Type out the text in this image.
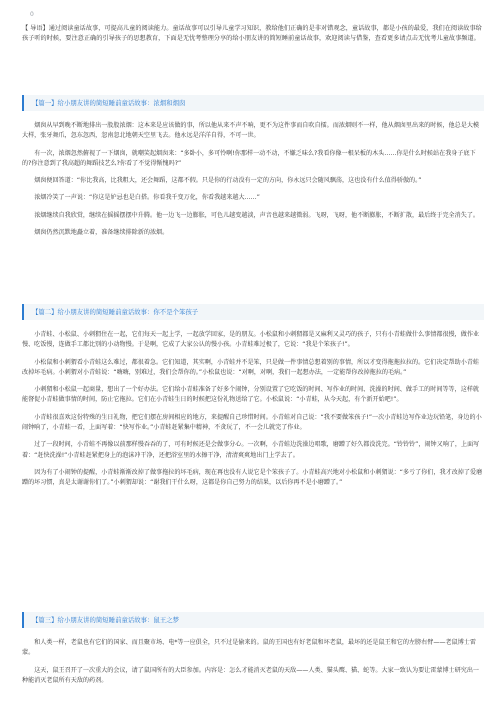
0
【 导语】通过阅读童话故事，可提高儿童的阅读能力。童话故事可以引导儿童学习知识，教给他们正确的是非对错观念，童话故事，都是小孩的最爱，我们在阅读故事给孩子听的时候，要注意正确的引导孩子的思想教育，下面是无忧考整理分享的给小朋友讲的简短睡前童话故事，欢迎阅读与借鉴，查看更多请点击无忧考儿童故事频道。
【篇一】给小朋友讲的简短睡前童话故事：浓烟和烟囱

烟囱从早到晚不断地排出一股股浓烟：这本来是应该做的事，所以他从来不声不响，更不为这件事而自吹自擂。而浓烟则不一样，他从烟囱里出来的时候，他总是大模大样，张牙舞爪，忽东忽西，忽南忽北地朝天空里飞去。他永远是洋洋自得，不可一世。

有一次，浓烟忽然俯视了一下烟囱，就嘲笑起烟囱来：“多卧小，多可怜啊!你那样一动不动，不嫌乏味么?我看你像一根呆板的木头……你是什么时候站在我身子底下的?你注意到了我高超的舞蹈技艺么?你看了不觉得惭愧吗?”

烟囱便回答道：“你比我高，比我粗大，还会舞蹈，这都不假。只是你的行动没有一定的方向，你永远只会随风飘荡，这也没有什么值得骄傲的。”

浓烟冷笑了一声说：“你这是妒忌也是白搭。你看我千变万化，你看我越来越大……”

浓烟继续自我欣赏，继续在摇摇摆摆中升腾。他一边飞一边膨胀，可色儿越变越淡，声音也越来越微弱。飞呀，飞呀，他不断膨胀，不断扩散，最后终于完全消失了。

烟囱仍然沉默地矗立着，准备继续排除新的浓烟。

【篇二】给小朋友讲的简短睡前童话故事：你不是个笨孩子

小青蛙、小松鼠、小刺猬住在一起，它们每天一起上学，一起放学回家，是的朋友。小松鼠和小刺猬都是又麻利又灵巧的孩子，只有小青蛙做什么事情都很慢，做作业慢、吃饭慢，连做手工都比别的小动物慢。于是啊，它成了大家公认的慢小孩。小青蛙难过极了，它说：“我是个笨孩子!”。

小松鼠和小刺猬看小青蛙这么难过，都很着急。它们知道，其实啊，小青蛙并不是笨，只是做一件事情总想着别的事情，所以才变得拖拖拉拉的。它们决定帮助小青蛙改掉坏毛病。小刺猬对小青蛙说：“嗨嗨，别难过，我们会帮你的。”小松鼠也说：“对啊，对啊，我们一起想办法，一定能帮你改掉拖拉的毛病。”

小刺猬和小松鼠一起商量，想出了一个好办法。它们给小青蛙准备了好多个闹钟，分别设置了它吃饭的时间、写作业的时间、洗澡的时间、做手工的时间等等，这样就能督促小青蛙做事情的时间，防止它拖拉。它们在小青蛙生日的时候把这份礼物送给了它。小松鼠说：“小青蛙，从今天起，有个新开始吧!”。

小青蛙很喜欢这份特殊的生日礼物，把它们摆在房间相应的地方，来提醒自己珍惜时间。小青蛙对自己说：“我不要做笨孩子!”一次小青蛙边写作业边玩铅笔，身边的小闹钟响了，小青蛙一看，上面写着：“快写作业。”小青蛙赶紧集中精神，不贪玩了，不一会儿就完了作业。

过了一段时间，小青蛙不再像以前那样慢吞吞的了，可有时候还是会做事分心。一次啊，小青蛙边洗澡边唱歌，磨蹭了好久都没洗完。“铃铃铃”，闹钟又响了，上面写着：“赶快洗澡!”小青蛙赶紧把身上的泡沫冲干净，还把浴室里的水擦干净，清清爽爽地出门上学去了。

因为有了小闹钟的提醒，小青蛙渐渐改掉了做事拖拉的坏毛病，现在再也没有人说它是个笨孩子了。小青蛙高兴地对小松鼠和小刺猬说：“多亏了你们，我才改掉了爱磨蹭的坏习惯，真是太谢谢你们了。”小刺猬却说：“谢我们干什么呀，这都是你自己努力的结果，以后你再不是小磨蹭了。”

【篇三】给小朋友讲的简短睡前童话故事：鼠王之梦

和人类一样，老鼠也有它们的国家、而且聚市场、电*等一应俱全，只不过是偷来的。鼠的王国也有好老鼠和坏老鼠，最坏的还是鼠王和它的左膀右臂——老鼠博士雷蒙。

这天，鼠王召开了一次重大的会议，请了鼠国所有的大臣参加。内容是：怎么才能消灭老鼠的天敌——人类、猫头鹰、猫、蛇等。大家一致认为要让雷蒙博士研究出一种能消灭老鼠所有天敌的药剂。
